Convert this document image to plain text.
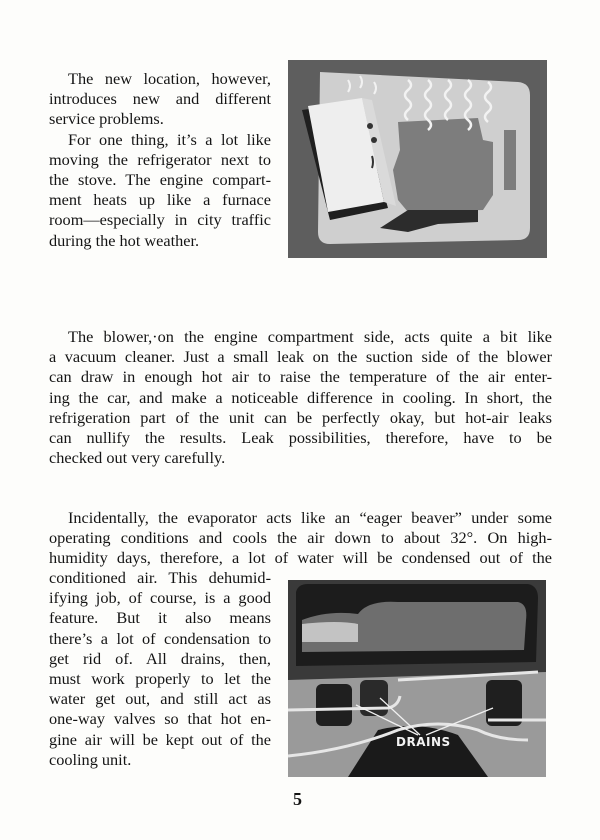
The new location, however,
introduces new and different
service problems.
For one thing, it’s a lot like
moving the refrigerator next to
the stove. The engine compart-
ment heats up like a furnace
room—especially in city traffic
during the hot weather.
The blower,·on the engine compartment side, acts quite a bit like
a vacuum cleaner. Just a small leak on the suction side of the blower
can draw in enough hot air to raise the temperature of the air enter-
ing the car, and make a noticeable difference in cooling. In short, the
refrigeration part of the unit can be perfectly okay, but hot-air leaks
can nullify the results. Leak possibilities, therefore, have to be
checked out very carefully.
Incidentally, the evaporator acts like an “eager beaver” under some
operating conditions and cools the air down to about 32°. On high-
humidity days, therefore, a lot of water will be condensed out of the
conditioned air. This dehumid-
ifying job, of course, is a good
feature. But it also means
there’s a lot of condensation to
get rid of. All drains, then,
must work properly to let the
water get out, and still act as
one-way valves so that hot en-
gine air will be kept out of the
cooling unit.
DRAINS
5
